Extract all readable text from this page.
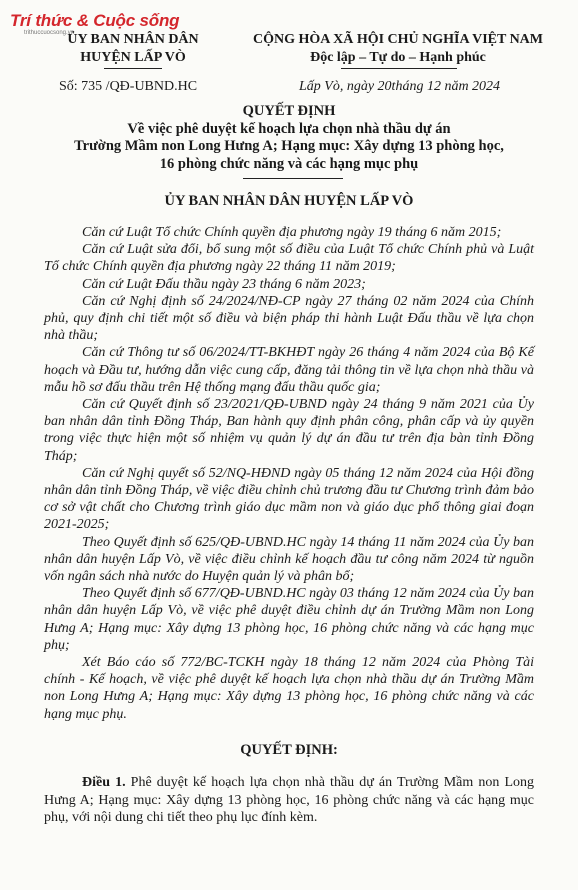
Trí thức & Cuộc sống
trithuccuocsong.vn
ỦY BAN NHÂN DÂN
HUYỆN LẤP VÒ
CỘNG HÒA XÃ HỘI CHỦ NGHĨA VIỆT NAM
Độc lập – Tự do – Hạnh phúc
Số: 735 /QĐ-UBND.HC	Lấp Vò, ngày 20tháng 12 năm 2024
QUYẾT ĐỊNH
Về việc phê duyệt kế hoạch lựa chọn nhà thầu dự án
Trường Mầm non Long Hưng A; Hạng mục: Xây dựng 13 phòng học,
16 phòng chức năng và các hạng mục phụ
ỦY BAN NHÂN DÂN HUYỆN LẤP VÒ

Căn cứ Luật Tổ chức Chính quyền địa phương ngày 19 tháng 6 năm 2015;

Căn cứ Luật sửa đổi, bổ sung một số điều của Luật Tổ chức Chính phủ và Luật Tổ chức Chính quyền địa phương ngày 22 tháng 11 năm 2019;

Căn cứ Luật Đấu thầu ngày 23 tháng 6 năm 2023;

Căn cứ Nghị định số 24/2024/NĐ-CP ngày 27 tháng 02 năm 2024 của Chính phủ, quy định chi tiết một số điều và biện pháp thi hành Luật Đấu thầu về lựa chọn nhà thầu;

Căn cứ Thông tư số 06/2024/TT-BKHĐT ngày 26 tháng 4 năm 2024 của Bộ Kế hoạch và Đầu tư, hướng dẫn việc cung cấp, đăng tải thông tin về lựa chọn nhà thầu và mẫu hồ sơ đấu thầu trên Hệ thống mạng đấu thầu quốc gia;

Căn cứ Quyết định số 23/2021/QĐ-UBND ngày 24 tháng 9 năm 2021 của Ủy ban nhân dân tỉnh Đồng Tháp, Ban hành quy định phân công, phân cấp và ủy quyền trong việc thực hiện một số nhiệm vụ quản lý dự án đầu tư trên địa bàn tỉnh Đồng Tháp;

Căn cứ Nghị quyết số 52/NQ-HĐND ngày 05 tháng 12 năm 2024 của Hội đồng nhân dân tỉnh Đồng Tháp, về việc điều chỉnh chủ trương đầu tư Chương trình đảm bảo cơ sở vật chất cho Chương trình giáo dục mầm non và giáo dục phổ thông giai đoạn 2021-2025;

Theo Quyết định số 625/QĐ-UBND.HC ngày 14 tháng 11 năm 2024 của Ủy ban nhân dân huyện Lấp Vò, về việc điều chỉnh kế hoạch đầu tư công năm 2024 từ nguồn vốn ngân sách nhà nước do Huyện quản lý và phân bổ;

Theo Quyết định số 677/QĐ-UBND.HC ngày 03 tháng 12 năm 2024 của Ủy ban nhân dân huyện Lấp Vò, về việc phê duyệt điều chỉnh dự án Trường Mầm non Long Hưng A; Hạng mục: Xây dựng 13 phòng học, 16 phòng chức năng và các hạng mục phụ;

Xét Báo cáo số 772/BC-TCKH ngày 18 tháng 12 năm 2024 của Phòng Tài chính - Kế hoạch, về việc phê duyệt kế hoạch lựa chọn nhà thầu dự án Trường Mầm non Long Hưng A; Hạng mục: Xây dựng 13 phòng học, 16 phòng chức năng và các hạng mục phụ.

QUYẾT ĐỊNH:
Điều 1. Phê duyệt kế hoạch lựa chọn nhà thầu dự án Trường Mầm non Long Hưng A; Hạng mục: Xây dựng 13 phòng học, 16 phòng chức năng và các hạng mục phụ, với nội dung chi tiết theo phụ lục đính kèm.
